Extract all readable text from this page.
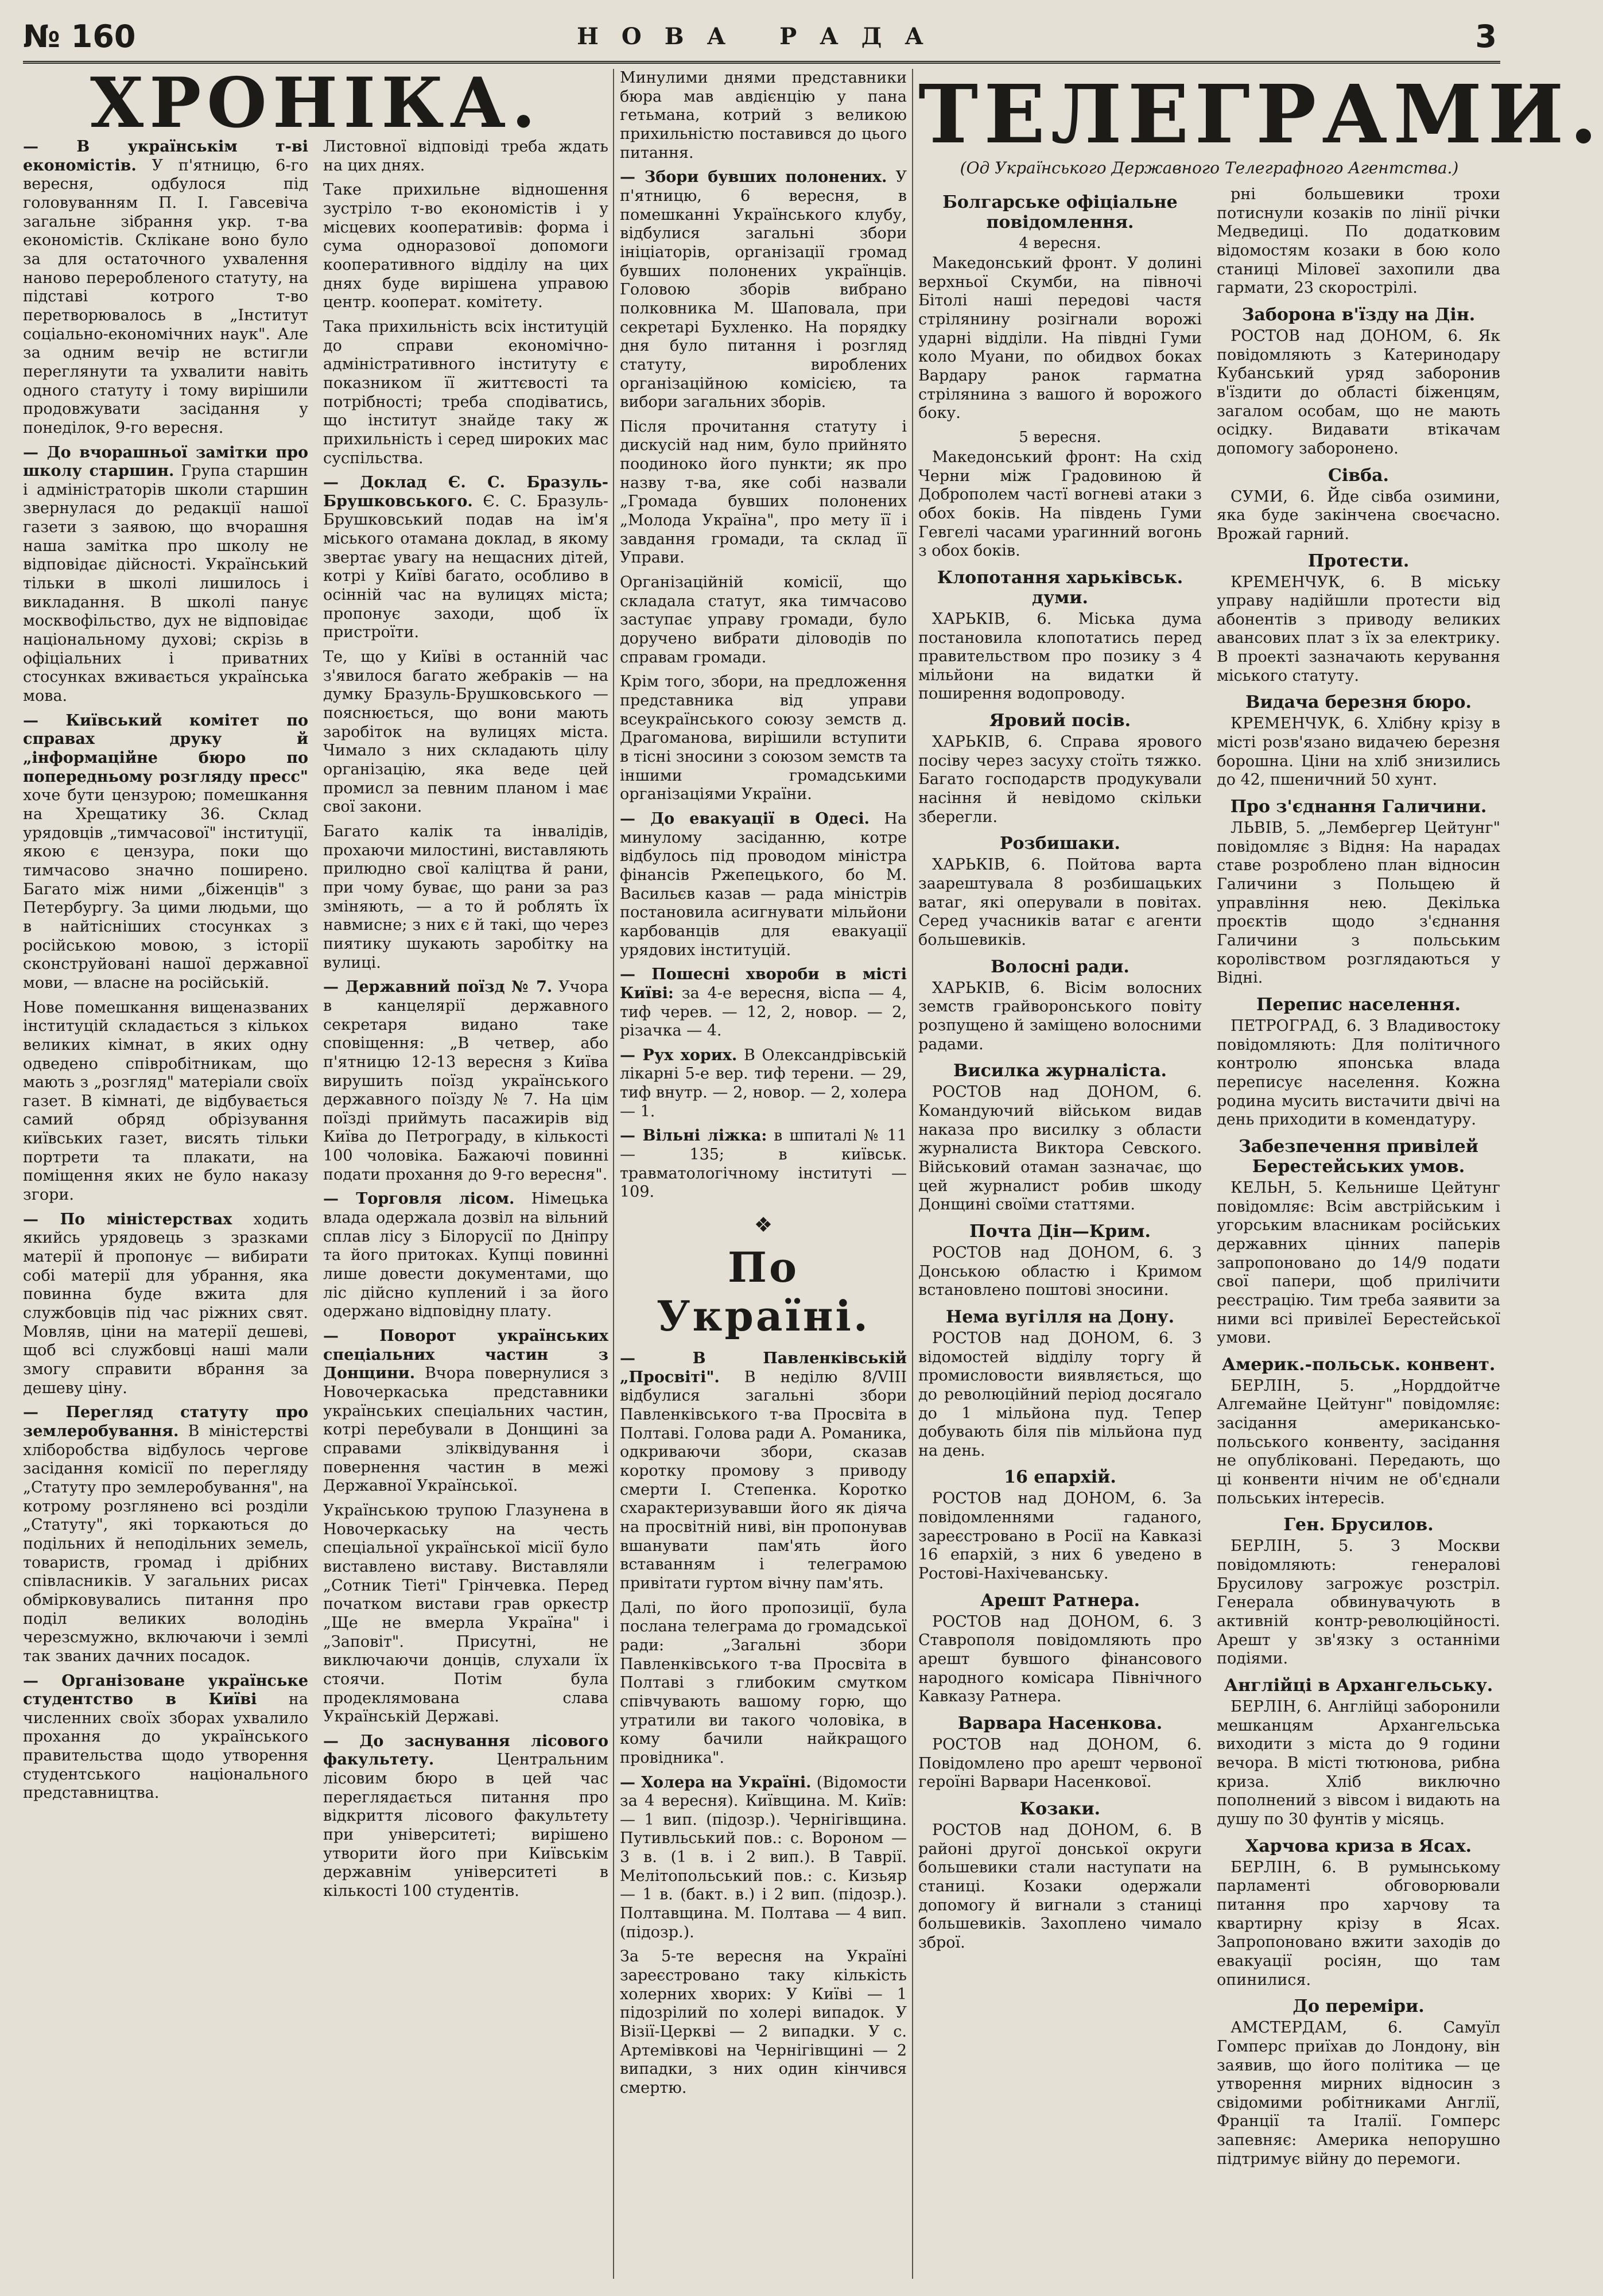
№ 160	НОВА РАДА	3
ХРОНІКА.

— В українськім т-ві економістів. У п'ятницю, 6-го вересня, одбулося під головуванням П. І. Гавсевіча загальне зібрання укр. т-ва економістів. Склікане воно було за для остаточного ухвалення наново переробленого статуту, на підставі котрого т-во перетворювалось в „Інститут соціально-економічних наук". Але за одним вечір не встигли переглянути та ухвалити навіть одного статуту і тому вирішили продовжувати засідання у понеділок, 9-го вересня.

— До вчорашньої замітки про школу старшин. Група старшин і адміністраторів школи старшин звернулася до редакції нашої газети з заявою, що вчорашня наша замітка про школу не відповідає дійсності. Український тільки в школі лишилось і викладання. В школі панує москвофільство, дух не відповідає національному духові; скрізь в офіціальних і приватних стосунках вживається українська мова.

— Київський комітет по справах друку й „інформаційне бюро по попередньому розгляду пресс" хоче бути цензурою; помешкання на Хрещатику 36. Склад урядовців „тимчасової" інституції, якою є цензура, поки що тимчасово значно поширено. Багато між ними „біженців" з Петербургу. За цими людьми, що в найтісніших стосунках з російською мовою, з історії сконструйовані нашої державної мови, — власне на російській.

Нове помешкання вищеназваних інституцій складається з кількох великих кімнат, в яких одну одведено співробітникам, що мають з „розгляд" матеріали своїх газет. В кімнаті, де відбувається самий обряд обрізування київських газет, висять тільки портрети та плакати, на поміщення яких не було наказу згори.

— По міністерствах ходить якийсь урядовець з зразками матерії й пропонує — вибирати собі матерії для убрання, яка повинна буде вжита для службовців під час ріжних свят. Мовляв, ціни на матерії дешеві, щоб всі службовці наші мали змогу справити вбрання за дешеву ціну.

— Перегляд статуту про землеробування. В міністерстві хліборобства відбулось чергове засідання комісії по перегляду „Статуту про землеробування", на котрому розглянено всі розділи „Статуту", які торкаються до подільних й неподільних земель, товариств, громад і дрібних співласників. У загальних рисах обмірковувались питання про поділ великих володінь черезсмужно, включаючи і землі так званих дачних посадок.

— Організоване українське студентство в Київі на численних своїх зборах ухвалило прохання до українського правительства щодо утворення студентського національного представництва.

Листовної відповіді треба ждать на цих днях.

Таке прихильне відношення зустріло т-во економістів і у місцевих кооперативів: форма і сума одноразової допомоги кооперативного відділу на цих днях буде вирішена управою центр. кооперат. комітету.

Така прихильність всіх інституцій до справи економічно-адміністративного інституту є показником її життєвості та потрібності; треба сподіватись, що інститут знайде таку ж прихильність і серед широких мас суспільства.

— Доклад Є. С. Бразуль-Брушковського. Є. С. Бразуль-Брушковський подав на ім'я міського отамана доклад, в якому звертає увагу на нещасних дітей, котрі у Київі багато, особливо в осінній час на вулицях міста; пропонує заходи, щоб їх пристроїти.

Те, що у Київі в останній час з'явилося багато жебраків — на думку Бразуль-Брушковського — пояснюється, що вони мають заробіток на вулицях міста. Чимало з них складають цілу організацію, яка веде цей промисл за певним планом і має свої закони.

Багато калік та інвалідів, прохаючи милостині, виставляють прилюдно свої каліцтва й рани, при чому буває, що рани за раз зміняють, — а то й роблять їх навмисне; з них є й такі, що через пиятику шукають заробітку на вулиці.

— Державний поїзд № 7. Учора в канцелярії державного секретаря видано таке сповіщення: „В четвер, або п'ятницю 12-13 вересня з Київа вирушить поїзд українського державного поїзду № 7. На цім поїзді приймуть пасажирів від Київа до Петрограду, в кількості 100 чоловіка. Бажаючі повинні подати прохання до 9-го вересня".

— Торговля лісом. Німецька влада одержала дозвіл на вільний сплав лісу з Білорусії по Дніпру та його притоках. Купці повинні лише довести документами, що ліс дійсно куплений і за його одержано відповідну плату.

— Поворот українських спеціальних частин з Донщини. Вчора повернулися з Новочеркаська представники українських спеціальних частин, котрі перебували в Донщині за справами зліквідування і повернення частин в межі Державної Української.

Українською трупою Глазунена в Новочеркаську на честь спеціальної української місії було виставлено виставу. Виставляли „Сотник Тіеті" Грінчевка. Перед початком вистави грав оркестр „Ще не вмерла Україна" і „Заповіт". Присутні, не виключаючи донців, слухали їх стоячи. Потім була продеклямована слава Українській Державі.

— До заснування лісового факультету.	Центральним лісовим бюро в цей час переглядається питання про відкриття лісового факультету при університеті; вирішено утворити його при Київськім державнім університеті в кількості 100 студентів.

Минулими днями представники бюра мав авдієнцію у пана гетьмана, котрий з великою прихильністю поставився до цього питання.

— Збори бувших полонених. У п'ятницю, 6 вересня, в помешканні Українського клубу, відбулися загальні збори ініціаторів, організації громад бувших полонених українців. Головою зборів вибрано полковника М. Шаповала, при секретарі Бухленко. На порядку дня було питання і розгляд статуту, вироблених організаційною комісією, та вибори загальних зборів.

Після прочитання статуту і дискусій над ним, було прийнято поодиноко його пункти; як про назву т-ва, яке собі назвали „Громада бувших полонених „Молода Україна", про мету її і завдання громади, та склад її Управи.

Організаційній комісії, що складала статут, яка тимчасово заступає управу громади, було доручено вибрати діловодів по справам громади.

Крім того, збори, на предложення представника від управи всеукраїнського союзу земств д. Драгоманова, вирішили вступити в тісні зносини з союзом земств та іншими громадськими організаціями України.

— До евакуації в Одесі. На минулому засіданню, котре відбулось під проводом міністра фінансів Ржепецького, бо М. Васильєв казав — рада міністрів постановила асигнувати мільйони карбованців для евакуації урядових інституцій.

— Пошесні хвороби в місті Київі: за 4-е вересня, віспа — 4, тиф черев. — 12, 2, новор. — 2, різачка — 4.

— Рух хорих. В Олександрівській лікарні 5-е вер. тиф терени. — 29, тиф внутр. — 2, новор. — 2, холера — 1.

— Вільні ліжка: в шпиталі № 11 — 135; в київськ. травматологічному інституті — 109.

❖
По Україні.

— В Павленківській „Просвіті". В неділю 8/VIII відбулися загальні збори Павленківського т-ва Просвіта в Полтаві. Голова ради А. Романика, одкриваючи збори, сказав коротку промову з приводу смерти І. Степенка. Коротко схарактеризувавши його як діяча на просвітній ниві, він пропонував вшанувати пам'ять його вставанням і телеграмою привітати гуртом вічну пам'ять.

Далі, по його пропозиції, була послана телеграма до громадської ради: „Загальні збори Павленківського т-ва Просвіта в Полтаві з глибоким смутком співчувають вашому горю, що утратили ви такого чоловіка, в кому бачили найкращого провідника".

— Холера на Україні. (Відомости за 4 вересня). Київщина. М. Київ: — 1 вип. (підозр.). Чернігівщина. Путивльський пов.: с. Вороном — 3 в. (1 в. і 2 вип.). В Таврії. Мелітопольський пов.: с. Кизьяр — 1 в. (бакт. в.) і 2 вип. (підозр.). Полтавщина. М. Полтава — 4 вип. (підозр.).

За 5-те вересня на Україні зареєстровано таку кількість холерних хворих: У Київі — 1 підозрілий по холері випадок. У Візії-Церкві — 2 випадки. У с. Артемівкові на Чернігівщині — 2 випадки, з них один кінчився смертю.

ТЕЛЕГРАМИ.
(Од Українського Державного Телеграфного Агентства.)
Болгарське офіціальне повідомлення.
4 вересня.

Македонський фронт. У долині верхньої Скумби, на півночі Бітолі наші передові частя стрілянину розігнали ворожі ударні відділи. На півдні Гуми коло Муани, по обидвох боках Вардару ранок гарматна стрілянина з вашого й ворожого боку.

5 вересня.

Македонський фронт: На схід Черни між Градовиною й Доброполем частї вогневі атаки з обох боків. На південь Гуми Гевгелі часами урагинний вогонь з обох боків.

Клопотання харьківськ. думи.

ХАРЬКІВ, 6. Міська дума постановила клопотатись перед правительством про позику з 4 мільйони на видатки й поширення водопроводу.

Яровий посів.

ХАРЬКІВ, 6. Справа ярового посіву через засуху стоїть тяжко. Багато господарств продукували насіння й невідомо скільки зберегли.

Розбишаки.

ХАРЬКІВ, 6. Пойтова варта заарештувала 8 розбишацьких ватаг, які оперували в повітах. Серед учасників ватаг є агенти большевиків.

Волосні ради.

ХАРЬКІВ, 6. Вісім волосних земств грайворонського повіту розпущено й заміщено волосними радами.

Висилка журналіста.

РОСТОВ над ДОНОМ, 6. Командуючий військом видав наказа про висилку з области журналиста Виктора Севского. Військовий отаман зазначає, що цей журналист робив шкоду Донщині своїми статтями.

Почта Дін—Крим.

РОСТОВ над ДОНОМ, 6. З Донською областю і Кримом встановлено поштові зносини.

Нема вугілля на Дону.

РОСТОВ над ДОНОМ, 6. З відомостей відділу торгу й промисловости виявляється, що до революційний період досягало до 1 мільйона пуд. Тепер добувають біля пів мільйона пуд на день.

16 епархій.

РОСТОВ над ДОНОМ, 6. За повідомленнями гаданого, зареєстровано в Росії на Кавказі 16 епархій, з них 6 уведено в Ростові-Нахічеванську.

Арешт Ратнера.

РОСТОВ над ДОНОМ, 6. З Ставрополя повідомляють про арешт бувшого фінансового народного комісара Північного Кавказу Ратнера.

Варвара Насенкова.

РОСТОВ над ДОНОМ, 6. Повідомлено про арешт червоної героїні Варвари Насенкової.

Козаки.

РОСТОВ над ДОНОМ, 6. В районі другої донської округи большевики стали наступати на станиці. Козаки одержали допомогу й вигнали з станиці большевиків. Захоплено чимало зброї.

рні большевики трохи потиснули козаків по лінії річки Медведиці. По додатковим відомостям козаки в бою коло станиці Міловеї захопили два гармати, 23 скорострілі.

Заборона в'їзду на Дін.

РОСТОВ над ДОНОМ, 6. Як повідомляють з Катеринодару Кубанський уряд заборонив в'їздити до області біженцям, загалом особам, що не мають осідку. Видавати втікачам допомогу заборонено.

Сівба.

СУМИ, 6. Йде сівба озимини, яка буде закінчена своєчасно. Врожай гарний.

Протести.

КРЕМЕНЧУК, 6. В міську управу надійшли протести від абонентів з приводу великих авансових плат з їх за електрику. В проекті зазначають керування міського статуту.

Видача березня бюро.

КРЕМЕНЧУК, 6. Хлібну крізу в місті розв'язано видачею березня борошна. Ціни на хліб знизились до 42, пшеничний 50 хунт.

Про з'єднання Галичини.

ЛЬВІВ, 5. „Лембергер Цейтунг" повідомляє з Відня: На нарадах ставе розроблено план відносин Галичини з Польщею й управління нею. Декілька проєктів щодо з'єднання Галичини з польським королівством розглядаються у Відні.

Перепис населення.

ПЕТРОГРАД, 6. З Владивостоку повідомляють: Для політичного контролю японська влада переписує населення. Кожна родина мусить вистачити двічі на день приходити в комендатуру.

Забезпечення привілей Берестейських умов.

КЕЛЬН, 5. Кельнише Цейтунг повідомляє: Всім австрійським і угорським власникам російських державних цінних паперів запропоновано до 14/9 подати свої папери, щоб прилічити реєстрацію. Тим треба заявити за ними всі привілеї Берестейської умови.

Америк.-польськ. конвент.

БЕРЛІН, 5. „Норддойтче Алгемайне Цейтунг" повідомляє: засідання американсько-польського конвенту, засідання не опубліковані. Передають, що ці конвенти нічим не об'єднали польських інтересів.

Ген. Брусилов.

БЕРЛІН, 5. З Москви повідомляють: генералові Брусилову загрожує розстріл. Генерала обвинувачують в активній контр-революційності. Арешт у зв'язку з останніми подіями.

Англійці в Архангельську.

БЕРЛІН, 6. Англійці заборонили мешканцям Архангельська виходити з міста до 9 години вечора. В місті тютюнова, рибна криза. Хліб виключно пополнений з вівсом і видають на душу по 30 фунтів у місяць.

Харчова криза в Ясах.

БЕРЛІН, 6. В румынському парламенті обговорювали питання про харчову та квартирну крізу в Ясах. Запропоновано вжити заходів до евакуації росіян, що там опинилися.

До переміри.

АМСТЕРДАМ, 6. Самуїл Гомперс приїхав до Лондону, він заявив, що його політика — це утворення мирних відносин з свідомими робітниками Англії, Франції та Італії. Гомперс запевняє: Америка непорушно підтримує війну до перемоги.
